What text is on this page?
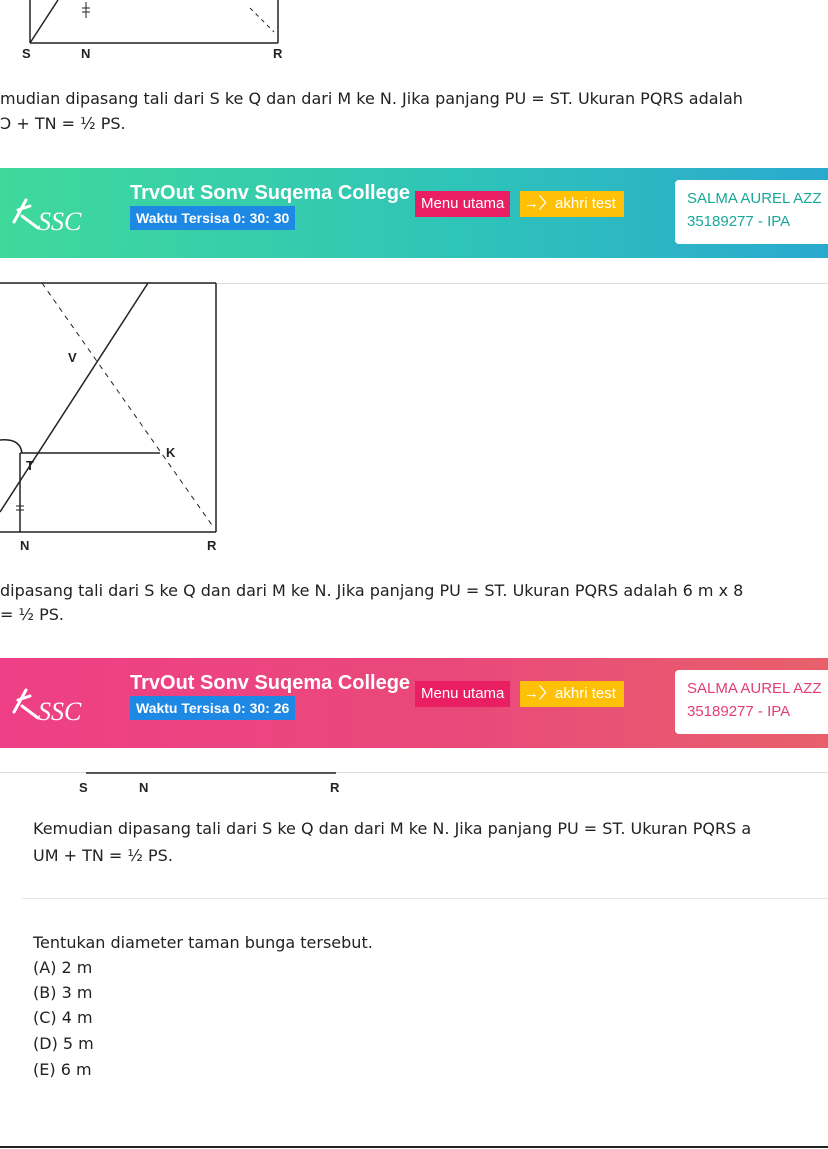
S	N	R
mudian dipasang tali dari S ke Q dan dari M ke N. Jika panjang PU = ST. Ukuran PQRS adalah
Ↄ + TN = ½ PS.
SSC
TrvOut Sonv Suqema College
Waktu Tersisa 0: 30: 30
Menu utama	→〉akhri test	SALMA AUREL AZZ
35189277 - IPA
V
K
T
N	R
dipasang tali dari S ke Q dan dari M ke N. Jika panjang PU = ST. Ukuran PQRS adalah 6 m x 8
= ½ PS.
SSC
TrvOut Sonv Suqema College
Waktu Tersisa 0: 30: 26
Menu utama	→〉akhri test	SALMA AUREL AZZ
35189277 - IPA
S	N	R
Kemudian dipasang tali dari S ke Q dan dari M ke N. Jika panjang PU = ST. Ukuran PQRS a
UM + TN = ½ PS.
Tentukan diameter taman bunga tersebut.
(A) 2 m
(B) 3 m
(C) 4 m
(D) 5 m
(E) 6 m
